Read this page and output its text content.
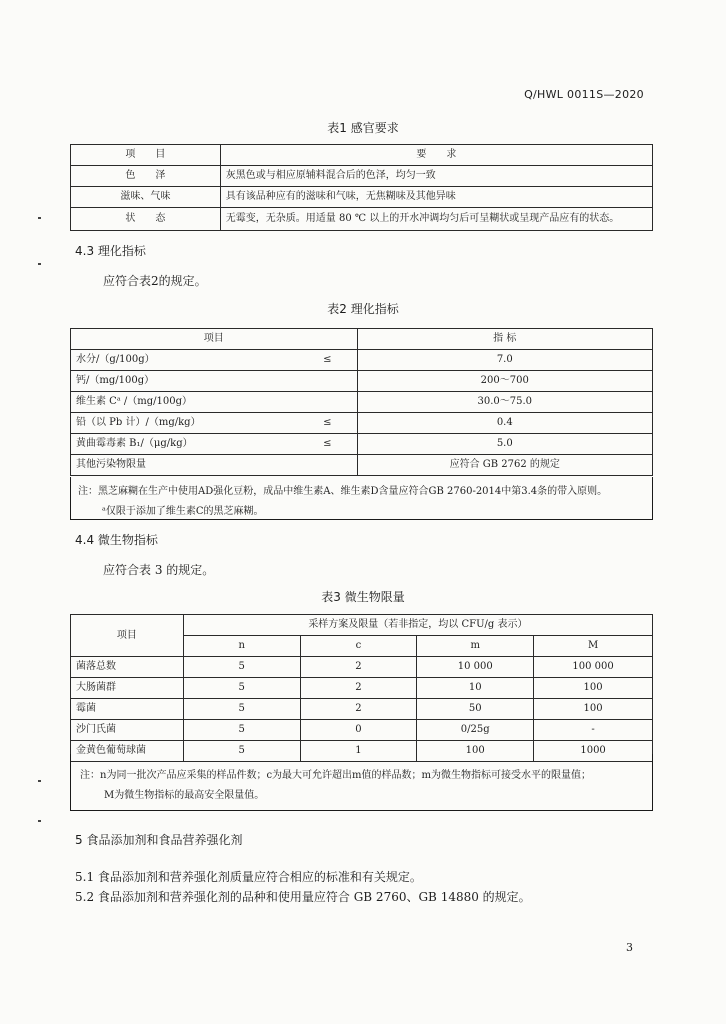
Q/HWL 0011S—2020
表1 感官要求
项　　目	要　　求
色　　泽	灰黑色或与相应原辅料混合后的色泽，均匀一致
滋味、气味	具有该品种应有的滋味和气味，无焦糊味及其他异味
状　　态	无霉变，无杂质。用适量 80 ℃ 以上的开水冲调均匀后可呈糊状或呈现产品应有的状态。
4.3 理化指标
应符合表2的规定。
表2 理化指标
项目	指 标
水分/（g/100g） ≤	7.0
钙/（mg/100g）	200～700
维生素 Cᵃ /（mg/100g）	30.0～75.0
铅（以 Pb 计）/（mg/kg） ≤	0.4
黄曲霉毒素 B₁/（μg/kg） ≤	5.0
其他污染物限量	应符合 GB 2762 的规定
注：黑芝麻糊在生产中使用AD强化豆粉，成品中维生素A、维生素D含量应符合GB 2760-2014中第3.4条的带入原则。
ᵃ仅限于添加了维生素C的黑芝麻糊。
4.4 微生物指标
应符合表 3 的规定。
表3 微生物限量
项目	采样方案及限量（若非指定，均以 CFU/g 表示）			
	n	c	m	M
菌落总数	5	2	10 000	100 000
大肠菌群	5	2	10	100
霉菌	5	2	50	100
沙门氏菌	5	0	0/25g	-
金黄色葡萄球菌	5	1	100	1000
注：n为同一批次产品应采集的样品件数；c为最大可允许超出m值的样品数；m为微生物指标可接受水平的限量值；
M为微生物指标的最高安全限量值。
5 食品添加剂和食品营养强化剂
5.1 食品添加剂和营养强化剂质量应符合相应的标准和有关规定。
5.2 食品添加剂和营养强化剂的品种和使用量应符合 GB 2760、GB 14880 的规定。
3
